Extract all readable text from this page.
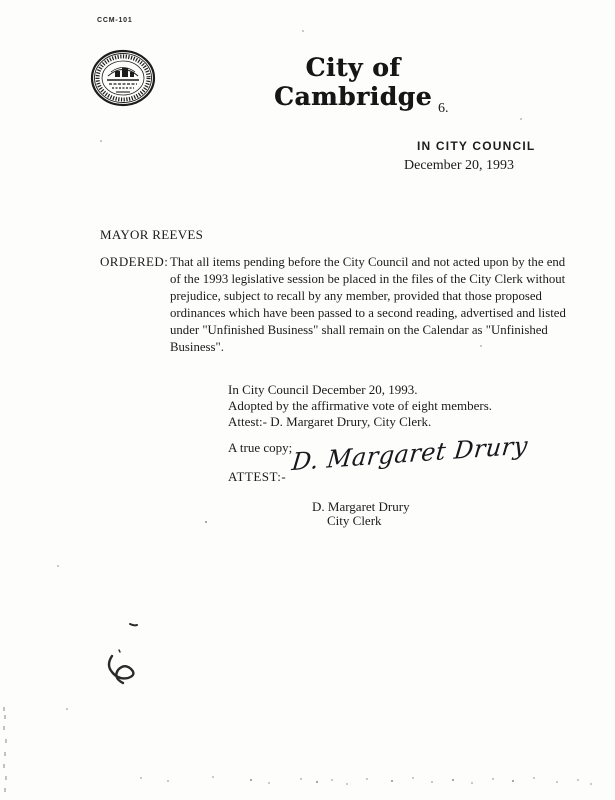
CCM-101
City of Cambridge 6.
IN CITY COUNCIL
December 20, 1993
MAYOR REEVES
ORDERED: That all items pending before the City Council and not acted upon by the end
of the 1993 legislative session be placed in the files of the City Clerk without
prejudice, subject to recall by any member, provided that those proposed
ordinances which have been passed to a second reading, advertised and listed
under "Unfinished Business" shall remain on the Calendar as "Unfinished
Business".
In City Council December 20, 1993.
Adopted by the affirmative vote of eight members.
Attest:- D. Margaret Drury, City Clerk.
A true copy;
ATTEST:-
D. Margaret Drury
D. Margaret Drury
City Clerk
